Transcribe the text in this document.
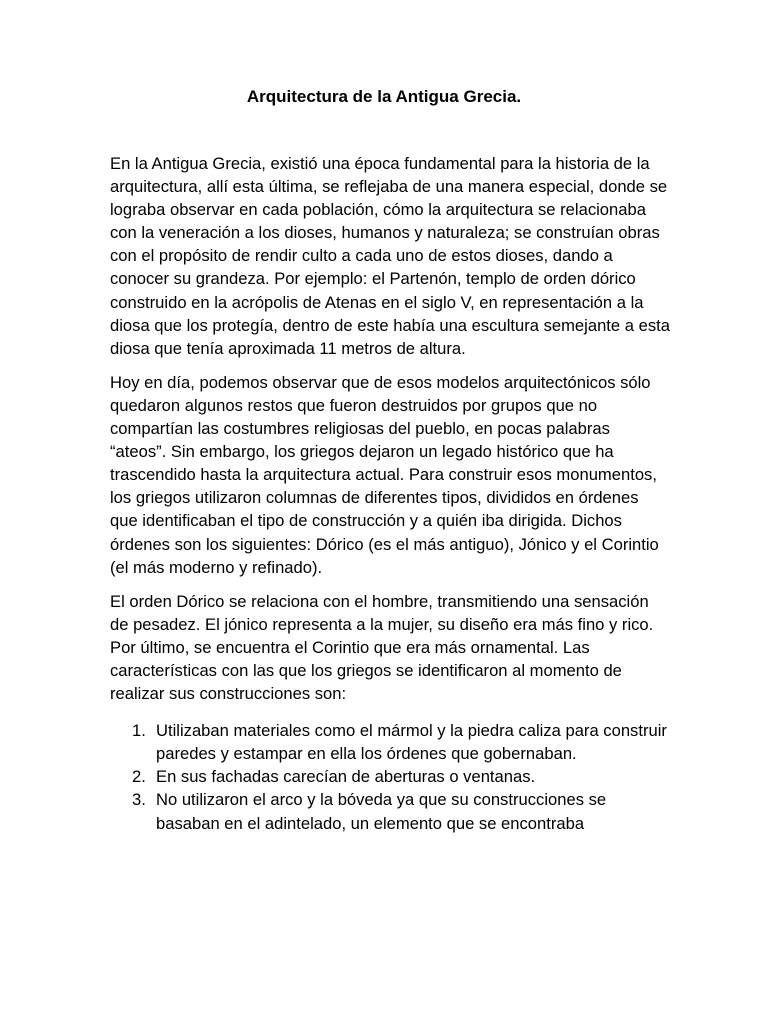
Arquitectura de la Antigua Grecia.

En la Antigua Grecia, existió una época fundamental para la historia de la arquitectura, allí esta última, se reflejaba de una manera especial, donde se lograba observar en cada población, cómo la arquitectura se relacionaba con la veneración a los dioses, humanos y naturaleza; se construían obras con el propósito de rendir culto a cada uno de estos dioses, dando a conocer su grandeza. Por ejemplo: el Partenón, templo de orden dórico construido en la acrópolis de Atenas en el siglo V, en representación a la diosa que los protegía, dentro de este había una escultura semejante a esta diosa que tenía aproximada 11 metros de altura.

Hoy en día, podemos observar que de esos modelos arquitectónicos sólo quedaron algunos restos que fueron destruidos por grupos que no compartían las costumbres religiosas del pueblo, en pocas palabras “ateos”. Sin embargo, los griegos dejaron un legado histórico que ha trascendido hasta la arquitectura actual. Para construir esos monumentos, los griegos utilizaron columnas de diferentes tipos, divididos en órdenes que identificaban el tipo de construcción y a quién iba dirigida. Dichos órdenes son los siguientes: Dórico (es el más antiguo), Jónico y el Corintio (el más moderno y refinado).

El orden Dórico se relaciona con el hombre, transmitiendo una sensación de pesadez. El jónico representa a la mujer, su diseño era más fino y rico. Por último, se encuentra el Corintio que era más ornamental. Las características con las que los griegos se identificaron al momento de realizar sus construcciones son:

1. Utilizaban materiales como el mármol y la piedra caliza para construir paredes y estampar en ella los órdenes que gobernaban.
2. En sus fachadas carecían de aberturas o ventanas.
3. No utilizaron el arco y la bóveda ya que su construcciones se basaban en el adintelado, un elemento que se encontraba
